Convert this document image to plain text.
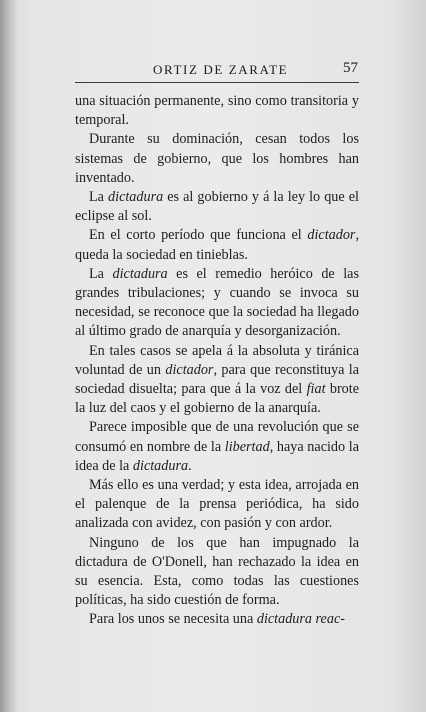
ORTIZ DE ZARATE	57

una situación permanente, sino como transitoria y temporal.

Durante su dominación, cesan todos los sistemas de gobierno, que los hombres han inventado.

La dictadura es al gobierno y á la ley lo que el eclipse al sol.

En el corto período que funciona el dictador, queda la sociedad en tinieblas.

La dictadura es el remedio heróico de las grandes tribulaciones; y cuando se invoca su necesidad, se reconoce que la sociedad ha llegado al último grado de anarquía y desorganización.

En tales casos se apela á la absoluta y tiránica voluntad de un dictador, para que reconstituya la sociedad disuelta; para que á la voz del fiat brote la luz del caos y el gobierno de la anarquía.

Parece imposible que de una revolución que se consumó en nombre de la libertad, haya nacido la idea de la dictadura.

Más ello es una verdad; y esta idea, arrojada en el palenque de la prensa periódica, ha sido analizada con avidez, con pasión y con ardor.

Ninguno de los que han impugnado la dictadura de O'Donell, han rechazado la idea en su esencia. Esta, como todas las cuestiones políticas, ha sido cuestión de forma.

Para los unos se necesita una dictadura reac-
